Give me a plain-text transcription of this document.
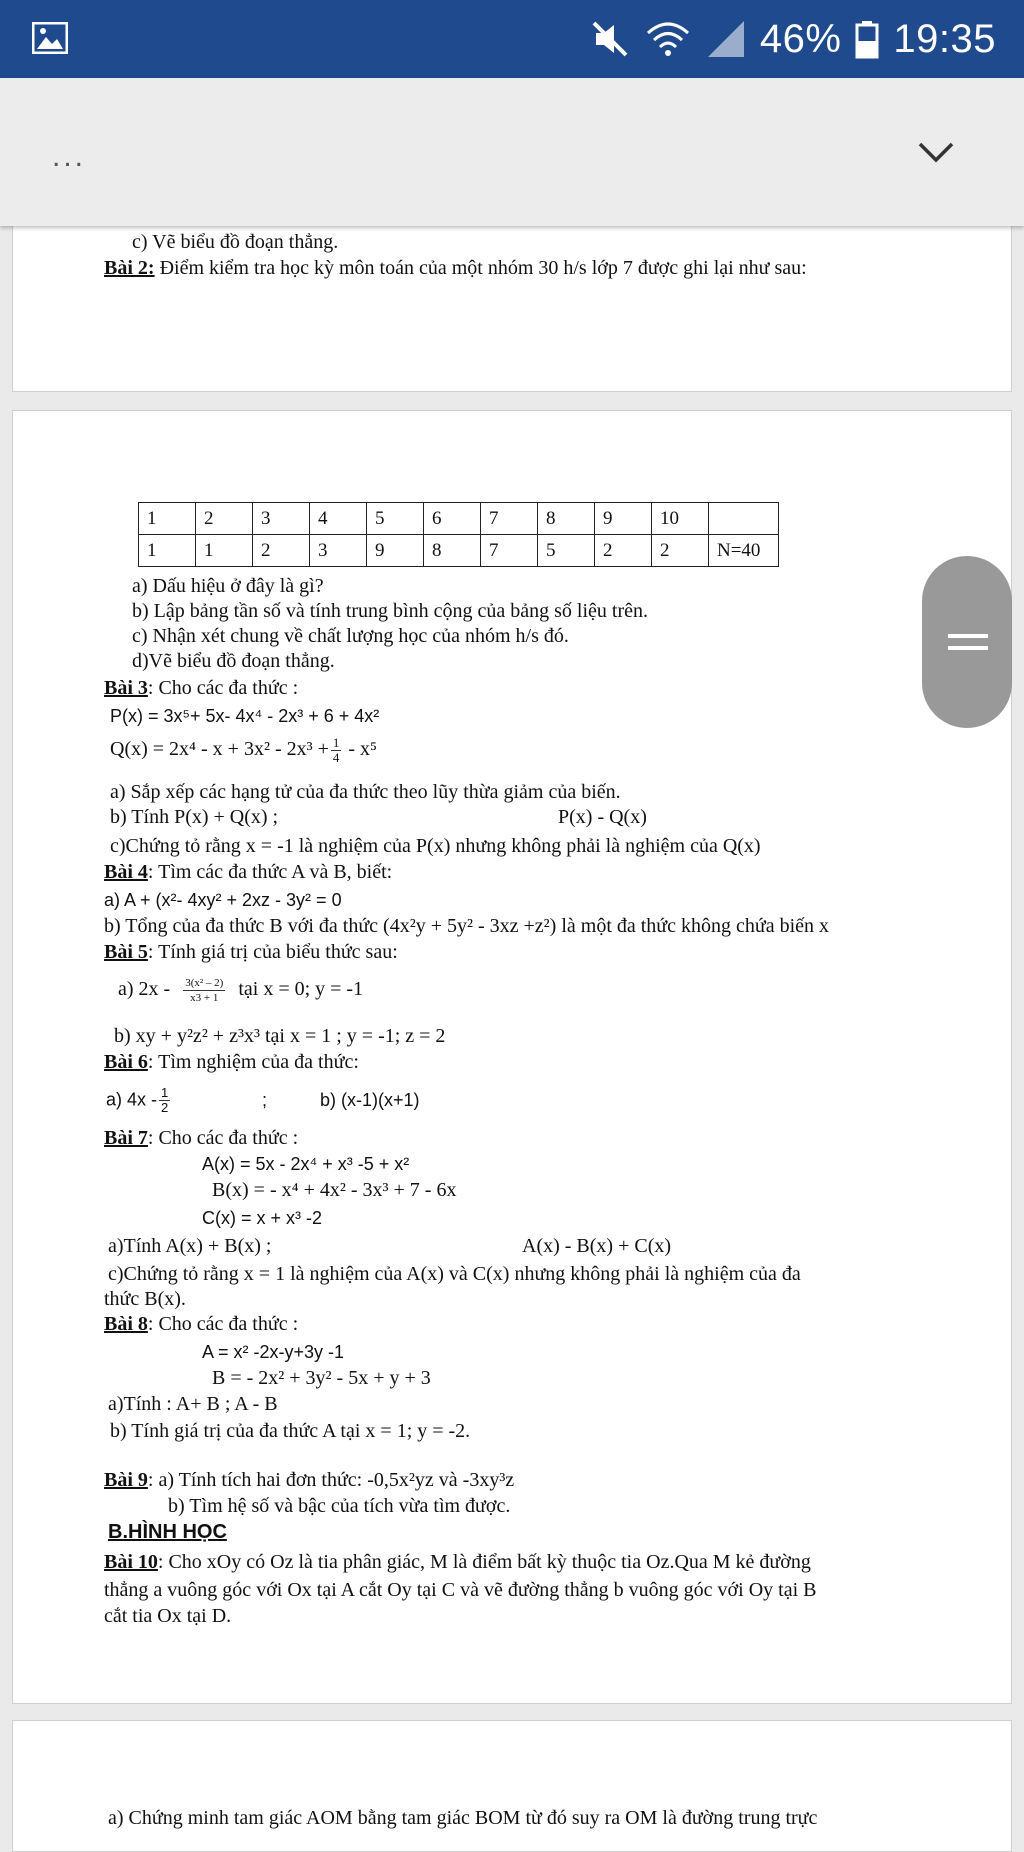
46% 19:35
...
c) Vẽ biểu đồ đoạn thẳng.
Bài 2: Điểm kiểm tra học kỳ môn toán của một nhóm 30 h/s lớp 7 được ghi lại như sau:
1	2	3	4	5	6	7	8	9	10	
1	1	2	3	9	8	7	5	2	2	N=40
a) Dấu hiệu ở đây là gì?
b) Lập bảng tần số và tính trung bình cộng của bảng số liệu trên.
c) Nhận xét chung về chất lượng học của nhóm h/s đó.
d)Vẽ biểu đồ đoạn thẳng.
Bài 3: Cho các đa thức :
P(x) = 3x⁵+ 5x- 4x⁴ - 2x³ + 6 + 4x²
$Q(x) = 2x^4 - x + 3x^2 - 2x^3 + \frac{1}{4} - x^5$
a) Sắp xếp các hạng tử của đa thức theo lũy thừa giảm của biến.
b) Tính P(x) + Q(x) ;	P(x) - Q(x)
c)Chứng tỏ rằng x = -1 là nghiệm của P(x) nhưng không phải là nghiệm của Q(x)
Bài 4: Tìm các đa thức A và B, biết:
a) A + (x²- 4xy² + 2xz - 3y² = 0
b) Tổng của đa thức B với đa thức (4x²y + 5y² - 3xz +z²) là một đa thức không chứa biến x
Bài 5: Tính giá trị của biểu thức sau:
a) $2x - \frac{\text{3(x² – 2)}}{x3 + 1}$ tại x = 0; y = -1
b) xy + y²z² + z³x³ tại x = 1 ; y = -1; z = 2
Bài 6: Tìm nghiệm của đa thức:
a) $4x - \frac{1}{2}$	;	b) (x-1)(x+1)
Bài 7: Cho các đa thức :
A(x) = 5x - 2x⁴ + x³ -5 + x²
B(x) = - x⁴ + 4x² - 3x³ + 7 - 6x
C(x) = x + x³ -2
a)Tính A(x) + B(x) ;	A(x) - B(x) + C(x)
c)Chứng tỏ rằng x = 1 là nghiệm của A(x) và C(x) nhưng không phải là nghiệm của đa
thức B(x).
Bài 8: Cho các đa thức :
A = x² -2x-y+3y -1
B = - 2x² + 3y² - 5x + y + 3
a)Tính : A+ B ; A - B
b) Tính giá trị của đa thức A tại x = 1; y = -2.
Bài 9: a) Tính tích hai đơn thức: -0,5x²yz và -3xy³z
b) Tìm hệ số và bậc của tích vừa tìm được.
B.HÌNH HỌC
Bài 10: Cho xOy có Oz là tia phân giác, M là điểm bất kỳ thuộc tia Oz.Qua M kẻ đường
thẳng a vuông góc với Ox tại A cắt Oy tại C và vẽ đường thẳng b vuông góc với Oy tại B
cắt tia Ox tại D.
a) Chứng minh tam giác AOM bằng tam giác BOM từ đó suy ra OM là đường trung trực
